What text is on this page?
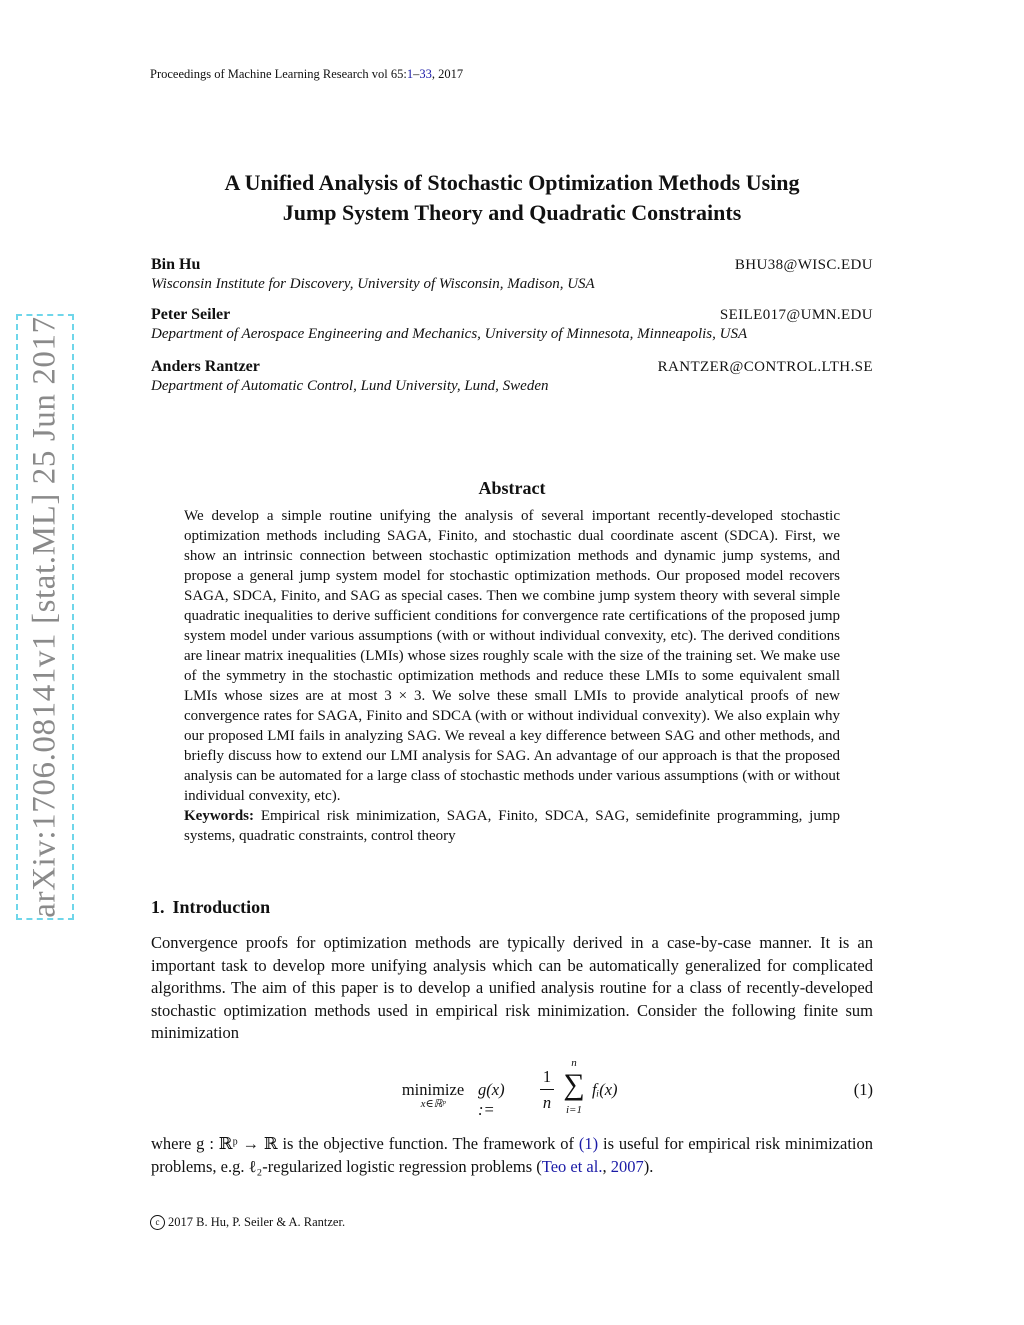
arXiv:1706.08141v1 [stat.ML] 25 Jun 2017
Proceedings of Machine Learning Research vol 65:1–33, 2017
A Unified Analysis of Stochastic Optimization Methods Using
Jump System Theory and Quadratic Constraints
Bin Hu	BHU38@WISC.EDU
Wisconsin Institute for Discovery, University of Wisconsin, Madison, USA
Peter Seiler	SEILE017@UMN.EDU
Department of Aerospace Engineering and Mechanics, University of Minnesota, Minneapolis, USA
Anders Rantzer	RANTZER@CONTROL.LTH.SE
Department of Automatic Control, Lund University, Lund, Sweden
Abstract

We develop a simple routine unifying the analysis of several important recently-developed stochastic optimization methods including SAGA, Finito, and stochastic dual coordinate ascent (SDCA). First, we show an intrinsic connection between stochastic optimization methods and dynamic jump systems, and propose a general jump system model for stochastic optimization methods. Our proposed model recovers SAGA, SDCA, Finito, and SAG as special cases. Then we combine jump system theory with several simple quadratic inequalities to derive sufficient conditions for convergence rate certifications of the proposed jump system model under various assumptions (with or without individual convexity, etc). The derived conditions are linear matrix inequalities (LMIs) whose sizes roughly scale with the size of the training set. We make use of the symmetry in the stochastic optimization methods and reduce these LMIs to some equivalent small LMIs whose sizes are at most 3 × 3. We solve these small LMIs to provide analytical proofs of new convergence rates for SAGA, Finito and SDCA (with or without individual convexity). We also explain why our proposed LMI fails in analyzing SAG. We reveal a key difference between SAG and other methods, and briefly discuss how to extend our LMI analysis for SAG. An advantage of our approach is that the proposed analysis can be automated for a large class of stochastic methods under various assumptions (with or without individual convexity, etc).

Keywords: Empirical risk minimization, SAGA, Finito, SDCA, SAG, semidefinite programming, jump systems, quadratic constraints, control theory

1. Introduction

Convergence proofs for optimization methods are typically derived in a case-by-case manner. It is an important task to develop more unifying analysis which can be automatically generalized for complicated algorithms. The aim of this paper is to develop a unified analysis routine for a class of recently-developed stochastic optimization methods used in empirical risk minimization. Consider the following finite sum minimization

minimize
x∈ℝᵖ
g(x) :=
1
n
n
∑
i=1
fᵢ(x)	(1)

where g : ℝᵖ → ℝ is the objective function. The framework of (1) is useful for empirical risk minimization problems, e.g. ℓ₂-regularized logistic regression problems (Teo et al., 2007).

c 2017 B. Hu, P. Seiler & A. Rantzer.
